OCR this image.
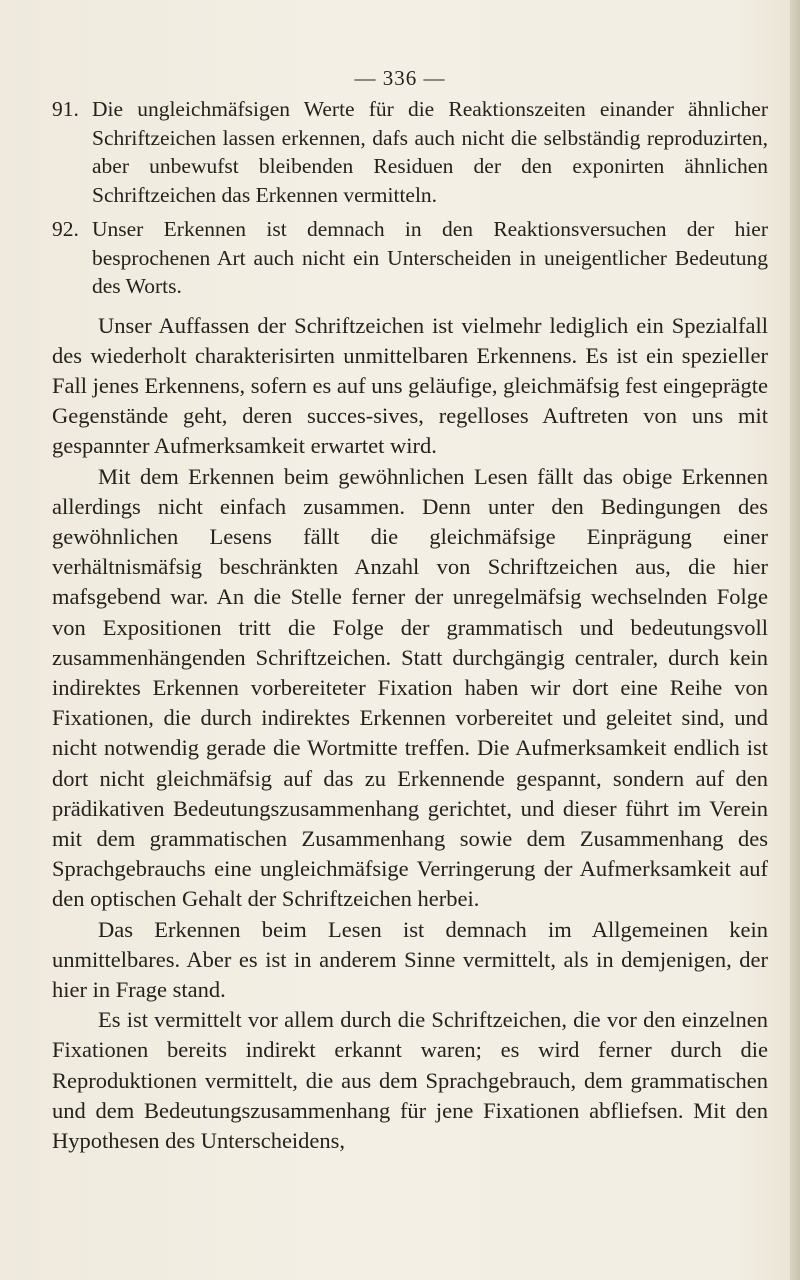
— 336 —
91. Die ungleichmäfsigen Werte für die Reaktionszeiten einander ähnlicher Schriftzeichen lassen erkennen, dafs auch nicht die selbständig reproduzirten, aber unbewufst bleibenden Residuen der den exponirten ähnlichen Schriftzeichen das Erkennen vermitteln.
92. Unser Erkennen ist demnach in den Reaktionsversuchen der hier besprochenen Art auch nicht ein Unterscheiden in uneigentlicher Bedeutung des Worts.

Unser Auffassen der Schriftzeichen ist vielmehr lediglich ein Spezialfall des wiederholt charakterisirten unmittelbaren Erkennens. Es ist ein spezieller Fall jenes Erkennens, sofern es auf uns geläufige, gleichmäfsig fest eingeprägte Gegenstände geht, deren succes-sives, regelloses Auftreten von uns mit gespannter Aufmerksamkeit erwartet wird.

Mit dem Erkennen beim gewöhnlichen Lesen fällt das obige Erkennen allerdings nicht einfach zusammen. Denn unter den Bedingungen des gewöhnlichen Lesens fällt die gleichmäfsige Einprägung einer verhältnismäfsig beschränkten Anzahl von Schriftzeichen aus, die hier mafsgebend war. An die Stelle ferner der unregelmäfsig wechselnden Folge von Expositionen tritt die Folge der grammatisch und bedeutungsvoll zusammenhängenden Schriftzeichen. Statt durchgängig centraler, durch kein indirektes Erkennen vorbereiteter Fixation haben wir dort eine Reihe von Fixationen, die durch indirektes Erkennen vorbereitet und geleitet sind, und nicht notwendig gerade die Wortmitte treffen. Die Aufmerksamkeit endlich ist dort nicht gleichmäfsig auf das zu Erkennende gespannt, sondern auf den prädikativen Bedeutungszusammenhang gerichtet, und dieser führt im Verein mit dem grammatischen Zusammenhang sowie dem Zusammenhang des Sprachgebrauchs eine ungleichmäfsige Verringerung der Aufmerksamkeit auf den optischen Gehalt der Schriftzeichen herbei.

Das Erkennen beim Lesen ist demnach im Allgemeinen kein unmittelbares. Aber es ist in anderem Sinne vermittelt, als in demjenigen, der hier in Frage stand.

Es ist vermittelt vor allem durch die Schriftzeichen, die vor den einzelnen Fixationen bereits indirekt erkannt waren; es wird ferner durch die Reproduktionen vermittelt, die aus dem Sprachgebrauch, dem grammatischen und dem Bedeutungszusammenhang für jene Fixationen abfliefsen. Mit den Hypothesen des Unterscheidens,
